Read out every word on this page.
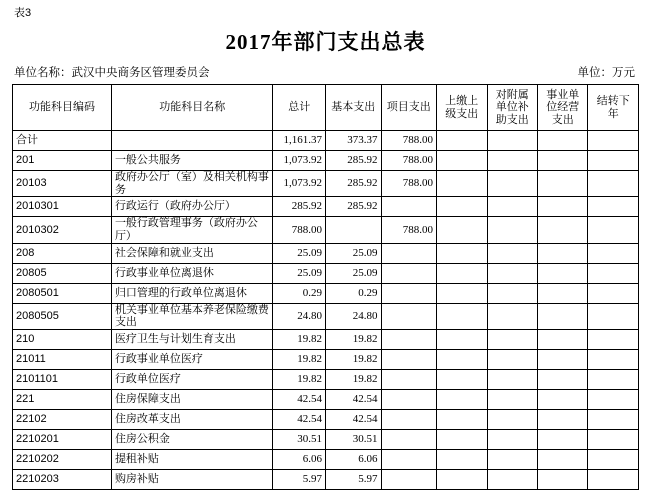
表3
2017年部门支出总表
单位名称：武汉中央商务区管理委员会	单位：万元
功能科目编码	功能科目名称	总计	基本支出	项目支出	上缴上级支出	对附属单位补助支出	事业单位经营支出	结转下年
合计		1,161.37	373.37	788.00				
201	一般公共服务	1,073.92	285.92	788.00				
20103	政府办公厅（室）及相关机构事务	1,073.92	285.92	788.00				
2010301	行政运行（政府办公厅）	285.92	285.92					
2010302	一般行政管理事务（政府办公厅）	788.00		788.00				
208	社会保障和就业支出	25.09	25.09					
20805	行政事业单位离退休	25.09	25.09					
2080501	归口管理的行政单位离退休	0.29	0.29					
2080505	机关事业单位基本养老保险缴费支出	24.80	24.80					
210	医疗卫生与计划生育支出	19.82	19.82					
21011	行政事业单位医疗	19.82	19.82					
2101101	行政单位医疗	19.82	19.82					
221	住房保障支出	42.54	42.54					
22102	住房改革支出	42.54	42.54					
2210201	住房公积金	30.51	30.51					
2210202	提租补贴	6.06	6.06					
2210203	购房补贴	5.97	5.97					
